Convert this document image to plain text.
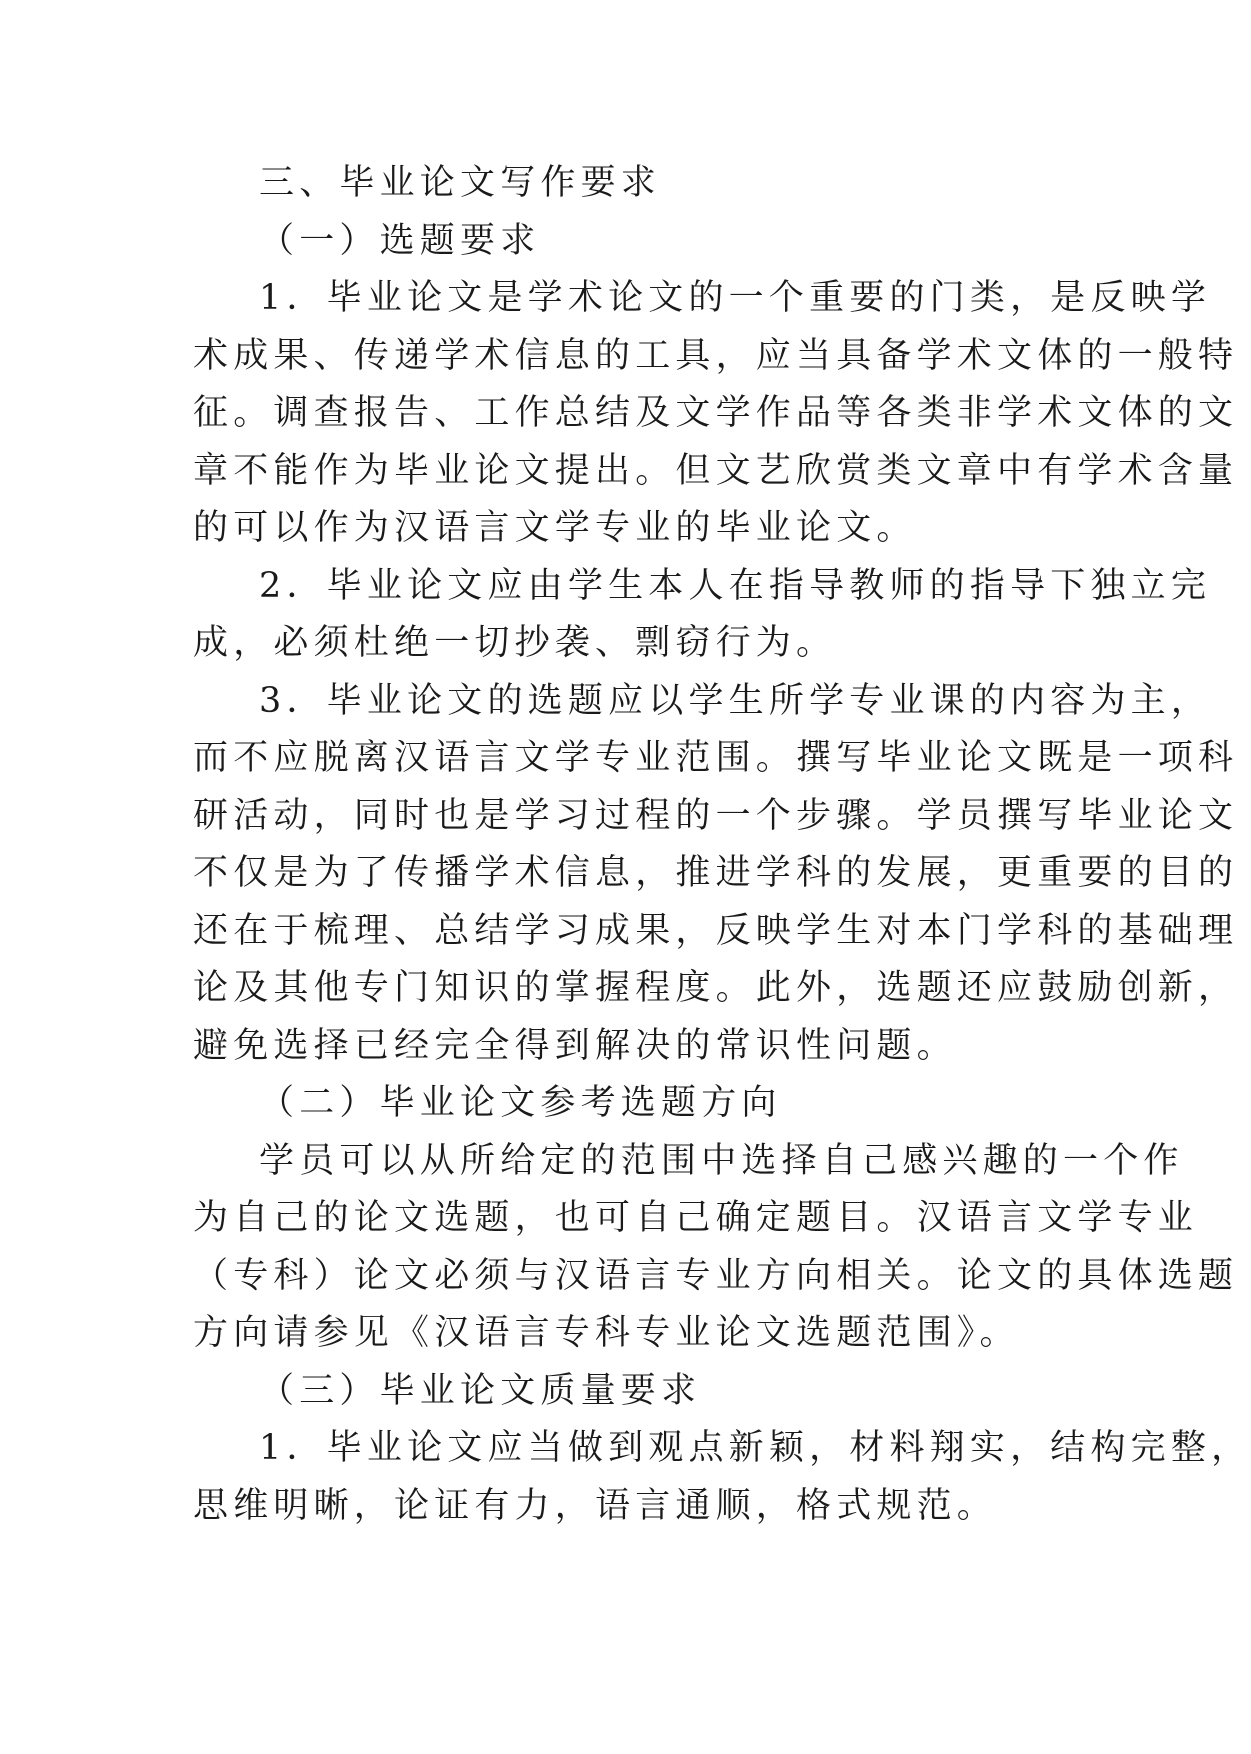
三、毕业论文写作要求
（一）选题要求
1．毕业论文是学术论文的一个重要的门类，是反映学
术成果、传递学术信息的工具，应当具备学术文体的一般特
征。调查报告、工作总结及文学作品等各类非学术文体的文
章不能作为毕业论文提出。但文艺欣赏类文章中有学术含量
的可以作为汉语言文学专业的毕业论文。
2．毕业论文应由学生本人在指导教师的指导下独立完
成，必须杜绝一切抄袭、剽窃行为。
3．毕业论文的选题应以学生所学专业课的内容为主，
而不应脱离汉语言文学专业范围。撰写毕业论文既是一项科
研活动，同时也是学习过程的一个步骤。学员撰写毕业论文
不仅是为了传播学术信息，推进学科的发展，更重要的目的
还在于梳理、总结学习成果，反映学生对本门学科的基础理
论及其他专门知识的掌握程度。此外，选题还应鼓励创新，
避免选择已经完全得到解决的常识性问题。
（二）毕业论文参考选题方向
学员可以从所给定的范围中选择自己感兴趣的一个作
为自己的论文选题，也可自己确定题目。汉语言文学专业
（专科）论文必须与汉语言专业方向相关。论文的具体选题
方向请参见《汉语言专科专业论文选题范围》。
（三）毕业论文质量要求
1．毕业论文应当做到观点新颖，材料翔实，结构完整，
思维明晰，论证有力，语言通顺，格式规范。
